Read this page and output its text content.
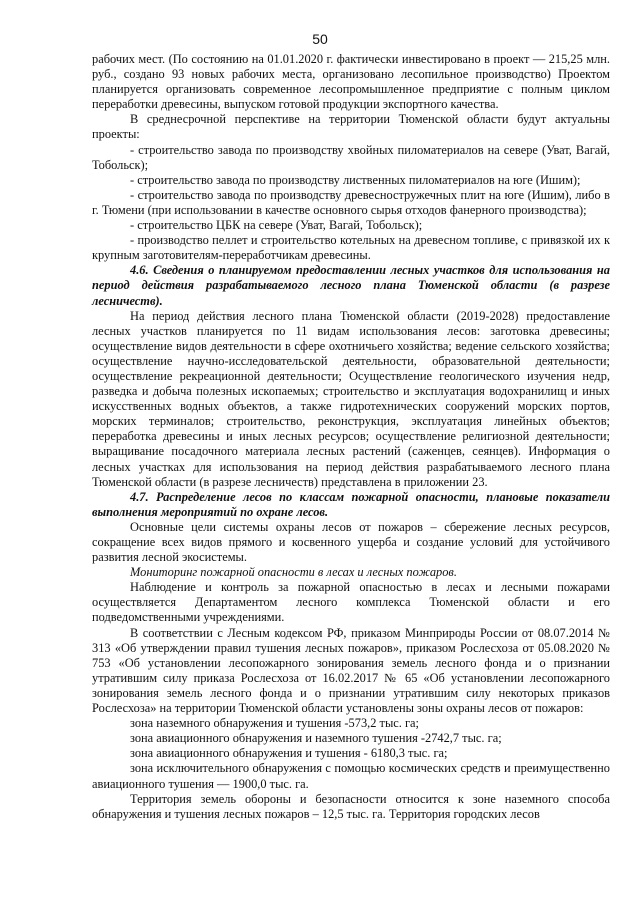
50

рабочих мест. (По состоянию на 01.01.2020 г. фактически инвестировано в проект — 215,25 млн. руб., создано 93 новых рабочих места, организовано лесопильное производство) Проектом планируется организовать современное лесопромышленное предприятие с полным циклом переработки древесины, выпуском готовой продукции экспортного качества.

В среднесрочной перспективе на территории Тюменской области будут актуальны проекты:

- строительство завода по производству хвойных пиломатериалов на севере (Уват, Вагай, Тобольск);

- строительство завода по производству лиственных пиломатериалов на юге (Ишим);

- строительство завода по производству древесностружечных плит на юге (Ишим), либо в г. Тюмени (при использовании в качестве основного сырья отходов фанерного производства);

- строительство ЦБК на севере (Уват, Вагай, Тобольск);

- производство пеллет и строительство котельных на древесном топливе, с привязкой их к крупным заготовителям-переработчикам древесины.

4.6. Сведения о планируемом предоставлении лесных участков для использования на период действия разрабатываемого лесного плана Тюменской области (в разрезе лесничеств).

На период действия лесного плана Тюменской области (2019-2028) предоставление лесных участков планируется по 11 видам использования лесов: заготовка древесины; осуществление видов деятельности в сфере охотничьего хозяйства; ведение сельского хозяйства; осуществление научно-исследовательской деятельности, образовательной деятельности; осуществление рекреационной деятельности; Осуществление геологического изучения недр, разведка и добыча полезных ископаемых; строительство и эксплуатация водохранилищ и иных искусственных водных объектов, а также гидротехнических сооружений морских портов, морских терминалов; строительство, реконструкция, эксплуатация линейных объектов; переработка древесины и иных лесных ресурсов; осуществление религиозной деятельности; выращивание посадочного материала лесных растений (саженцев, сеянцев). Информация о лесных участках для использования на период действия разрабатываемого лесного плана Тюменской области (в разрезе лесничеств) представлена в приложении 23.

4.7. Распределение лесов по классам пожарной опасности, плановые показатели выполнения мероприятий по охране лесов.

Основные цели системы охраны лесов от пожаров – сбережение лесных ресурсов, сокращение всех видов прямого и косвенного ущерба и создание условий для устойчивого развития лесной экосистемы.

Мониторинг пожарной опасности в лесах и лесных пожаров.

Наблюдение и контроль за пожарной опасностью в лесах и лесными пожарами осуществляется Департаментом лесного комплекса Тюменской области и его подведомственными учреждениями.

В соответствии с Лесным кодексом РФ, приказом Минприроды России от 08.07.2014 № 313 «Об утверждении правил тушения лесных пожаров», приказом Рослесхоза от 05.08.2020 № 753 «Об установлении лесопожарного зонирования земель лесного фонда и о признании утратившим силу приказа Рослесхоза от 16.02.2017 № 65 «Об установлении лесопожарного зонирования земель лесного фонда и о признании утратившим силу некоторых приказов Рослесхоза» на территории Тюменской области установлены зоны охраны лесов от пожаров:

зона наземного обнаружения и тушения -573,2 тыс. га;

зона авиационного обнаружения и наземного тушения -2742,7 тыс. га;

зона авиационного обнаружения и тушения - 6180,3 тыс. га;

зона исключительного обнаружения с помощью космических средств и преимущественно авиационного тушения — 1900,0 тыс. га.

Территория земель обороны и безопасности относится к зоне наземного способа обнаружения и тушения лесных пожаров – 12,5 тыс. га. Территория городских лесов
